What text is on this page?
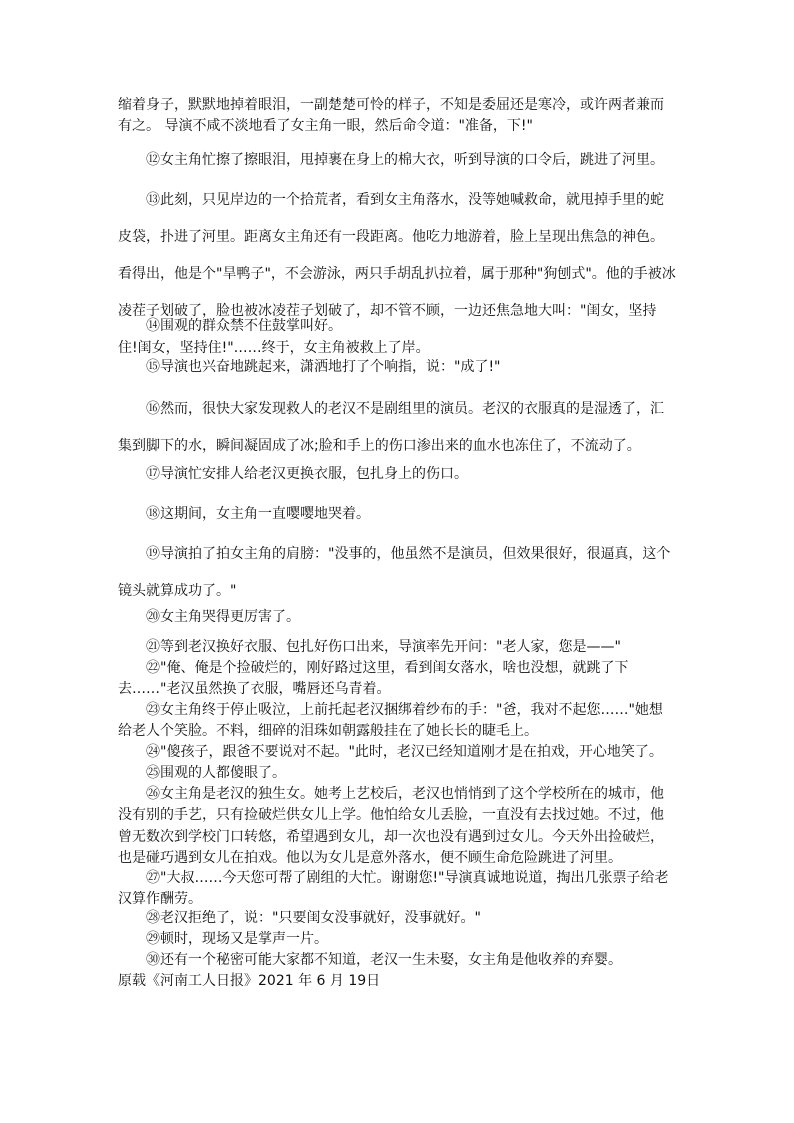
缩着身子，默默地掉着眼泪，一副楚楚可怜的样子，不知是委屈还是寒冷，或许两者兼而有之。 导演不咸不淡地看了女主角一眼，然后命令道："准备，下!"

⑫女主角忙擦了擦眼泪，甩掉裹在身上的棉大衣，听到导演的口令后，跳进了河里。

⑬此刻，只见岸边的一个拾荒者，看到女主角落水，没等她喊救命，就甩掉手里的蛇皮袋，扑进了河里。距离女主角还有一段距离。他吃力地游着，脸上呈现出焦急的神色。看得出，他是个"旱鸭子"，不会游泳，两只手胡乱扒拉着，属于那种"狗刨式"。他的手被冰凌茬子划破了，脸也被冰凌茬子划破了，却不管不顾，一边还焦急地大叫："闺女，坚持住!闺女，坚持住!"……终于，女主角被救上了岸。

⑭围观的群众禁不住鼓掌叫好。

⑮导演也兴奋地跳起来，潇洒地打了个响指，说："成了!"

⑯然而，很快大家发现救人的老汉不是剧组里的演员。老汉的衣服真的是湿透了，汇集到脚下的水，瞬间凝固成了冰;脸和手上的伤口渗出来的血水也冻住了，不流动了。

⑰导演忙安排人给老汉更换衣服，包扎身上的伤口。

⑱这期间，女主角一直嘤嘤地哭着。

⑲导演拍了拍女主角的肩膀："没事的，他虽然不是演员，但效果很好，很逼真，这个镜头就算成功了。"

⑳女主角哭得更厉害了。

㉑等到老汉换好衣服、包扎好伤口出来，导演率先开问："老人家，您是——"

㉒"俺、俺是个捡破烂的，刚好路过这里，看到闺女落水，啥也没想，就跳了下去……"老汉虽然换了衣服，嘴唇还乌青着。

㉓女主角终于停止吸泣，上前托起老汉捆绑着纱布的手："爸，我对不起您……"她想给老人个笑脸。不料，细碎的泪珠如朝露般挂在了她长长的睫毛上。

㉔"傻孩子，跟爸不要说对不起。"此时，老汉已经知道刚才是在拍戏，开心地笑了。

㉕围观的人都傻眼了。

㉖女主角是老汉的独生女。她考上艺校后，老汉也悄悄到了这个学校所在的城市，他没有别的手艺，只有捡破烂供女儿上学。他怕给女儿丢脸，一直没有去找过她。不过，他曾无数次到学校门口转悠，希望遇到女儿，却一次也没有遇到过女儿。今天外出捡破烂，也是碰巧遇到女儿在拍戏。他以为女儿是意外落水，便不顾生命危险跳进了河里。

㉗"大叔……今天您可帮了剧组的大忙。谢谢您!"导演真诚地说道，掏出几张票子给老汉算作酬劳。

㉘老汉拒绝了，说："只要闺女没事就好，没事就好。"

㉙顿时，现场又是掌声一片。

㉚还有一个秘密可能大家都不知道，老汉一生未娶，女主角是他收养的弃婴。

原载《河南工人日报》2021 年 6 月 19日
